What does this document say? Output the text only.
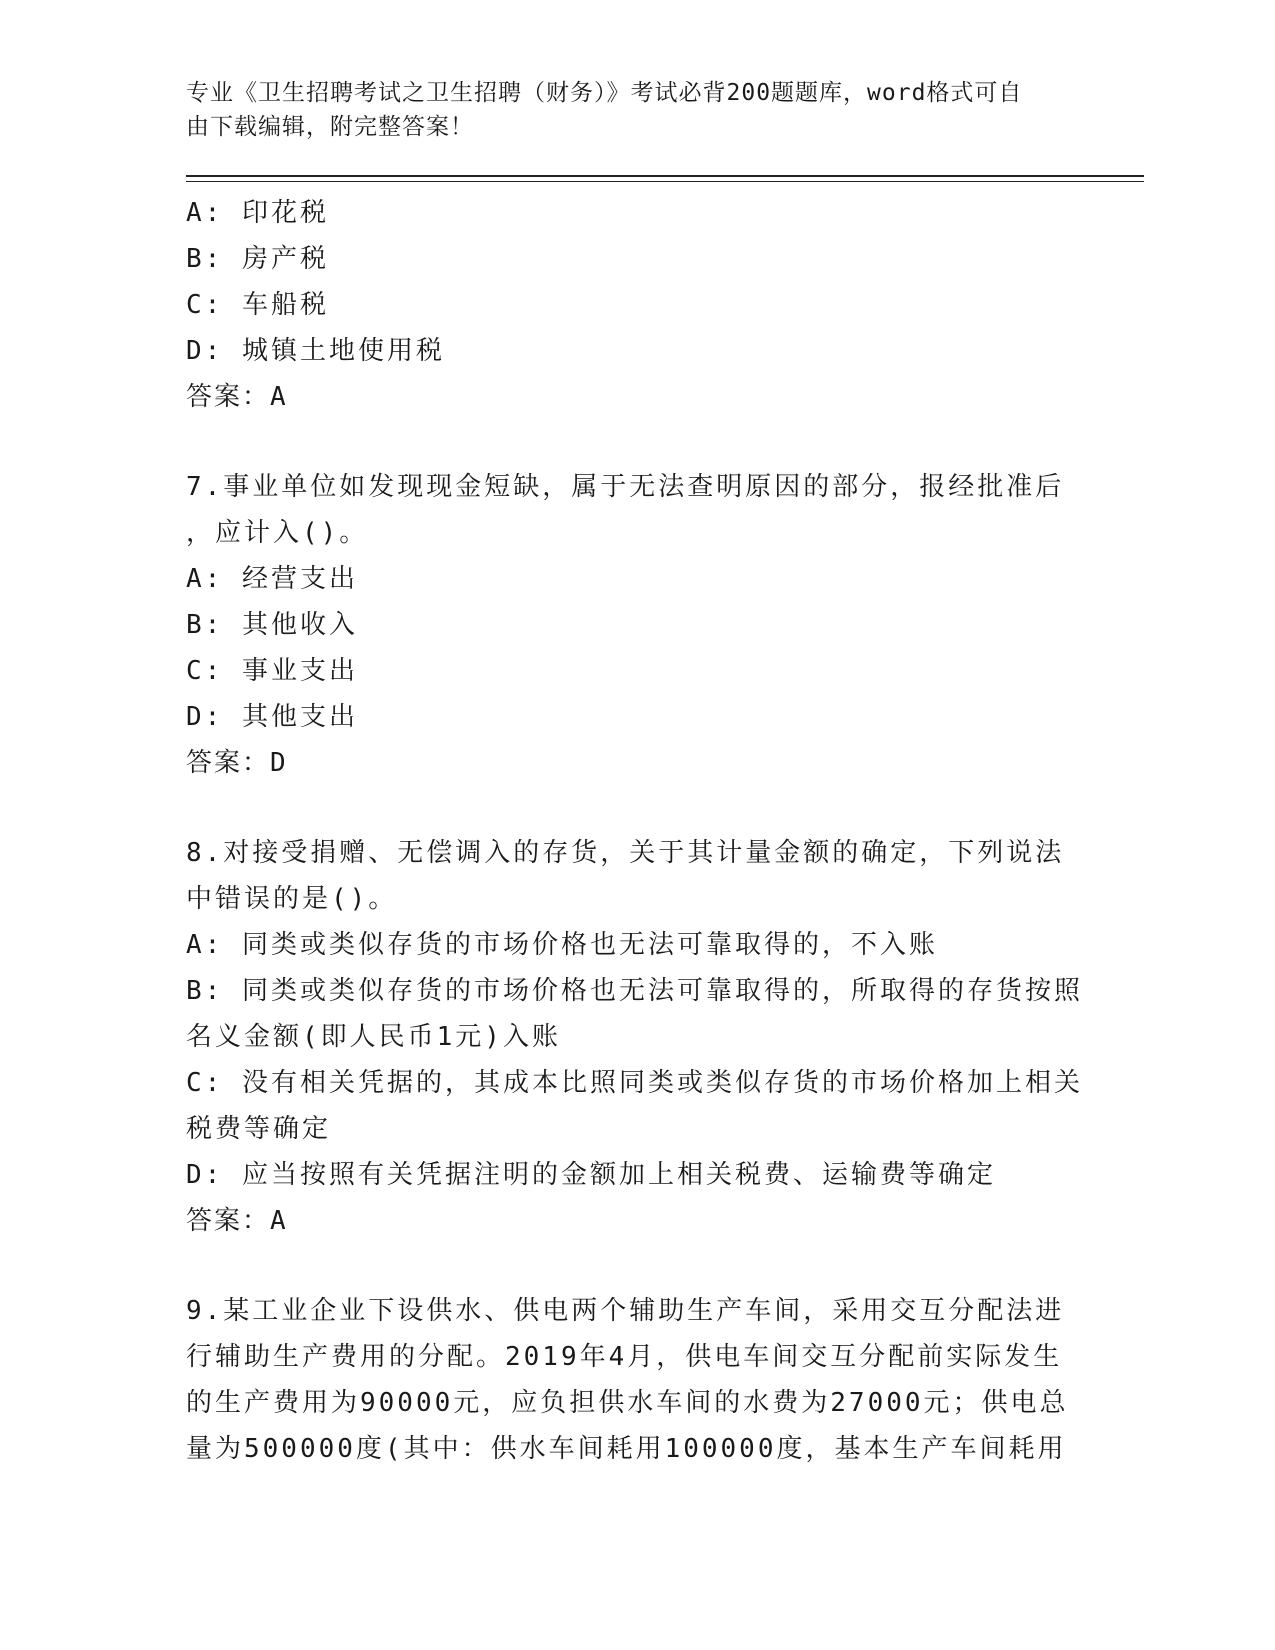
专业《卫生招聘考试之卫生招聘（财务）》考试必背200题题库，word格式可自
由下载编辑，附完整答案！
A: 印花税
B: 房产税
C: 车船税
D: 城镇土地使用税
答案：A
7.事业单位如发现现金短缺，属于无法查明原因的部分，报经批准后
，应计入()。
A: 经营支出
B: 其他收入
C: 事业支出
D: 其他支出
答案：D
8.对接受捐赠、无偿调入的存货，关于其计量金额的确定，下列说法
中错误的是()。
A: 同类或类似存货的市场价格也无法可靠取得的，不入账
B: 同类或类似存货的市场价格也无法可靠取得的，所取得的存货按照
名义金额(即人民币1元)入账
C: 没有相关凭据的，其成本比照同类或类似存货的市场价格加上相关
税费等确定
D: 应当按照有关凭据注明的金额加上相关税费、运输费等确定
答案：A
9.某工业企业下设供水、供电两个辅助生产车间，采用交互分配法进
行辅助生产费用的分配。2019年4月，供电车间交互分配前实际发生
的生产费用为90000元，应负担供水车间的水费为27000元；供电总
量为500000度(其中：供水车间耗用100000度，基本生产车间耗用
